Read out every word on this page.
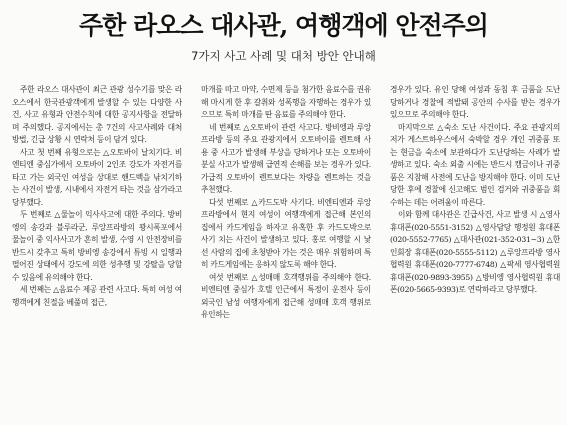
주한 라오스 대사관, 여행객에 안전주의
7가지 사고 사례 및 대처 방안 안내해

주한 라오스 대사관이 최근 관광 성수기를 맞은 라오스에서 한국관광객에게 발생할 수 있는 다양한 사건, 사고 유형과 안전수칙에 대한 공지사항을 전달하며 주의했다. 공지에서는 총 7건의 사고사례와 대처 방법, 긴급 상황 시 연락처 등이 담겨 있다.

사고 첫 번째 유형으로는 △오토바이 날치기다. 비엔티엔 중심가에서 오토바이 2인조 강도가 자전거를 타고 가는 외국인 여성을 상대로 핸드백을 낚치기하는 사건이 발생, 시내에서 자전거 타는 것을 삼가라고 당부했다.

두 번째로 △물놀이 익사사고에 대한 주의다. 방비엥의 송강과 블루라군, 루앙프라방의 꽝시폭포에서 물놀이 중 익사사고가 흔히 발생, 수영 시 안전장비를 반드시 갖추고 특히 방비엥 송강에서 튜빙 시 일행과 떨어진 상태에서 강도에 의한 성추행 및 강탈을 당할 수 있음에 유의해야 한다.

세 번째는 △음료수 제공 관련 사고다. 특히 여성 여행객에게 친절을 베풀며 접근,

마개를 따고 마약, 수면제 등을 첨가한 음료수를 권유해 마시게 한 후 갈취와 성폭행을 자행하는 경우가 있으므로 특히 마개를 딴 음료를 주의해야 한다.

네 번째로 △오토바이 관련 사고다. 방비엥과 루앙프라방 등의 주요 관광지에서 오토바이를 렌트해 사용 중 사고가 발생해 부상을 당하거나 또는 오토바이 분실 사고가 발생해 급연적 손해를 보는 경우가 있다. 가급적 오토바이 렌트보다는 차량을 렌트하는 것을 추천했다.

다섯 번째로 △카드도박 사기다. 비엔티엔과 루앙프라방에서 현지 여성이 여행객에게 접근해 본인의 집에서 카드게임을 하자고 유혹한 후 카드도박으로 사기 치는 사건이 발생하고 있다. 홍로 여행할 시 낯선 사람의 집에 초청받아 가는 것은 매우 위험하며 특히 카드게임에는 응하지 않도록 해야 한다.

여섯 번째로 △성매매 호객행위를 주의해야 한다. 비엔티엔 중심가 호텔 인근에서 특정이 운전사 등이 외국인 남성 여행자에게 접근해 성매매 호객 행위로 유인하는

경우가 있다. 유인 당해 여성과 동침 후 금품을 도난당하거나 경찰에 적발돼 공안의 수사를 받는 경우가 있으므로 주의해야 한다.

마지막으로 △숙소 도난 사건이다. 주요 관광지의 저가 게스트하우스에서 숙박할 경우 개인 귀중품 또는 현금을 숙소에 보관하다가 도난당하는 사례가 발생하고 있다. 숙소 외출 시에는 반드시 캠금이나 귀중품은 지참해 사전에 도난을 방지해야 한다. 이미 도난당한 후에 경찰에 신고해도 범인 검거와 귀중품을 회수하는 데는 어려움이 따른다.

이와 함께 대사관은 긴급사건, 사고 발생 시 △영사 휴대폰(020-5551-3152) △영사담당 행정원 휴대폰(020-5552-7765) △대사관(021-352-031~3) △한인회장 휴대폰(020-5555-5112) △루앙프라방 영사협력원 휴대폰(020-7777-6748) △팍세 영사협력원 휴대폰(020-9893-3955) △방비엥 영사협력원 휴대폰(020-5665-9393)로 연락하라고 당부했다.
